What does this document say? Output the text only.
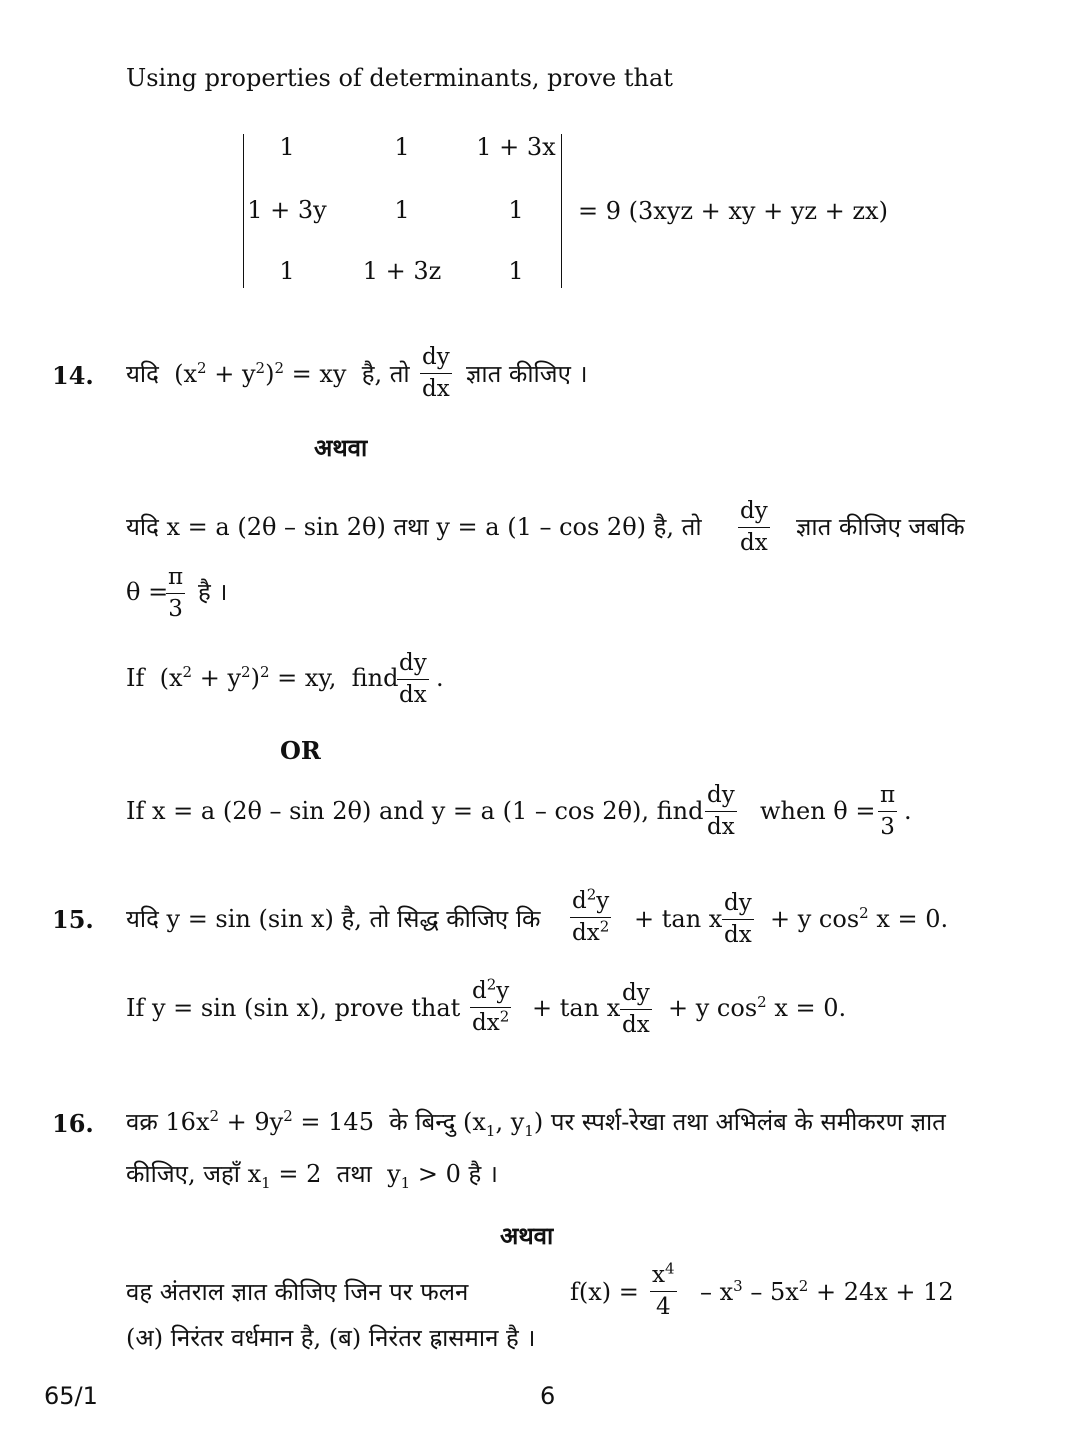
Using properties of determinants, prove that
1	1	1 + 3x
1 + 3y	1	1
1	1 + 3z	1
= 9 (3xyz + xy + yz + zx)
14. यदि  $(x^2 + y^2)^2$ = xy  है, तो
dy
dx
ज्ञात कीजिए ।
अथवा
यदि x = a (2θ – sin 2θ) तथा y = a (1 – cos 2θ) है, तो
dy
dx
ज्ञात कीजिए जबकि
θ =
π
3
है ।
If  $(x^2 + y^2)^2$ = xy,  find
dy
dx
.
OR
If x = a (2θ – sin 2θ) and y = a (1 – cos 2θ), find
dy
dx
when θ =
π
3
.
15. यदि y = sin (sin x) है, तो सिद्ध कीजिए कि
$d^2y$
$dx^2 + \tan x$
dy
dx
+ y $\cos^2 x = 0$.
If y = sin (sin x), prove that
$d^2y$
$dx^2 + \tan x$
dy
dx
+ y $\cos^2 x = 0$.
16. वक्र $16x^2 + 9y^2 = 145$  के बिन्दु ($x_1$, $y_1$) पर स्पर्श-रेखा तथा अभिलंब के समीकरण ज्ञात
कीजिए, जहाँ $x_1 = 2$  तथा  $y_1 > 0$ है ।
अथवा
वह अंतराल ज्ञात कीजिए जिन पर फलन	f(x) =
$x^4$
4
– $x^3 - 5x^2 + 24x + 12$
(अ) निरंतर वर्धमान है, (ब) निरंतर ह्रासमान है ।
65/1	6
